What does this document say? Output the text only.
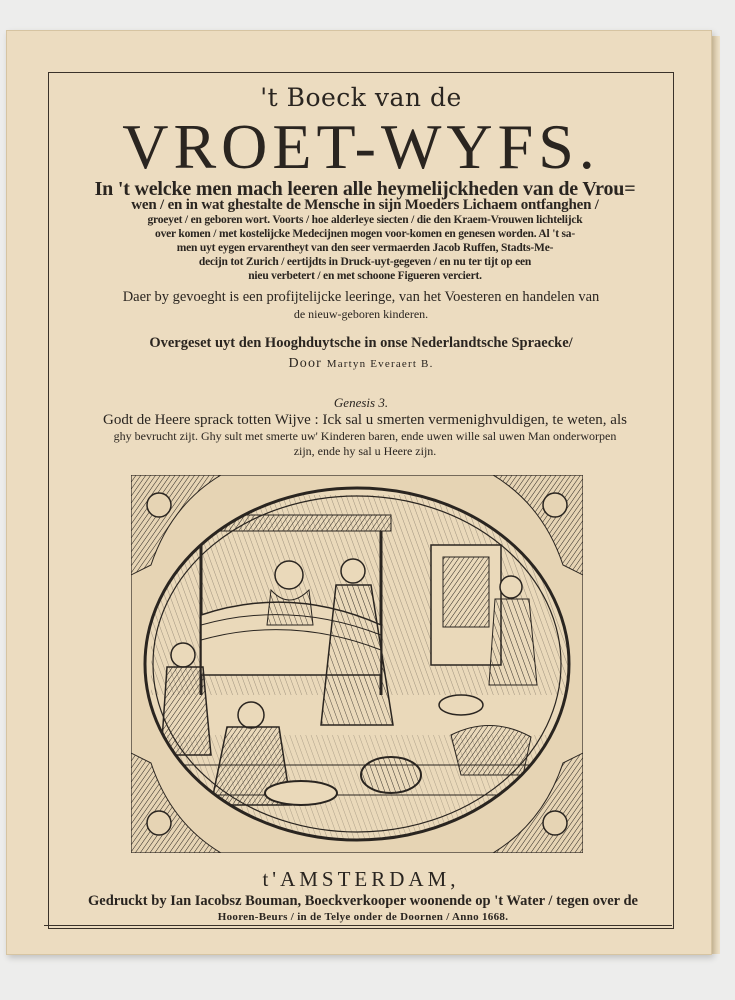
't Boeck van de
VROET-WYFS.
In 't welcke men mach leeren alle heymelijckheden van de Vrou=
wen / en in wat ghestalte de Mensche in sijn Moeders Lichaem ontfanghen /
groeyet / en geboren wort. Voorts / hoe alderleye siecten / die den Kraem-Vrouwen lichtelijck
over komen / met kostelijcke Medecijnen mogen voor-komen en genesen worden. Al 't sa-
men uyt eygen ervarentheyt van den seer vermaerden Jacob Ruffen, Stadts-Me-
decijn tot Zurich / eertijdts in Druck-uyt-gegeven / en nu ter tijt op een
nieu verbetert / en met schoone Figueren verciert.
Daer by gevoeght is een profijtelijcke leeringe, van het Voesteren en handelen van
de nieuw-geboren kinderen.
Overgeset uyt den Hooghduytsche in onse Nederlandtsche Spraecke/
Door Martyn Everaert B.
Genesis 3.
Godt de Heere sprack totten Wijve : Ick sal u smerten vermenighvuldigen, te weten, als
ghy bevrucht zijt. Ghy sult met smerte uw' Kinderen baren, ende uwen wille sal uwen Man onderworpen
zijn, ende hy sal u Heere zijn.
t'AMSTERDAM,
Gedruckt by Ian Iacobsz Bouman, Boeckverkooper woonende op 't Water / tegen over de
Hooren-Beurs / in de Telye onder de Doornen / Anno 1668.
